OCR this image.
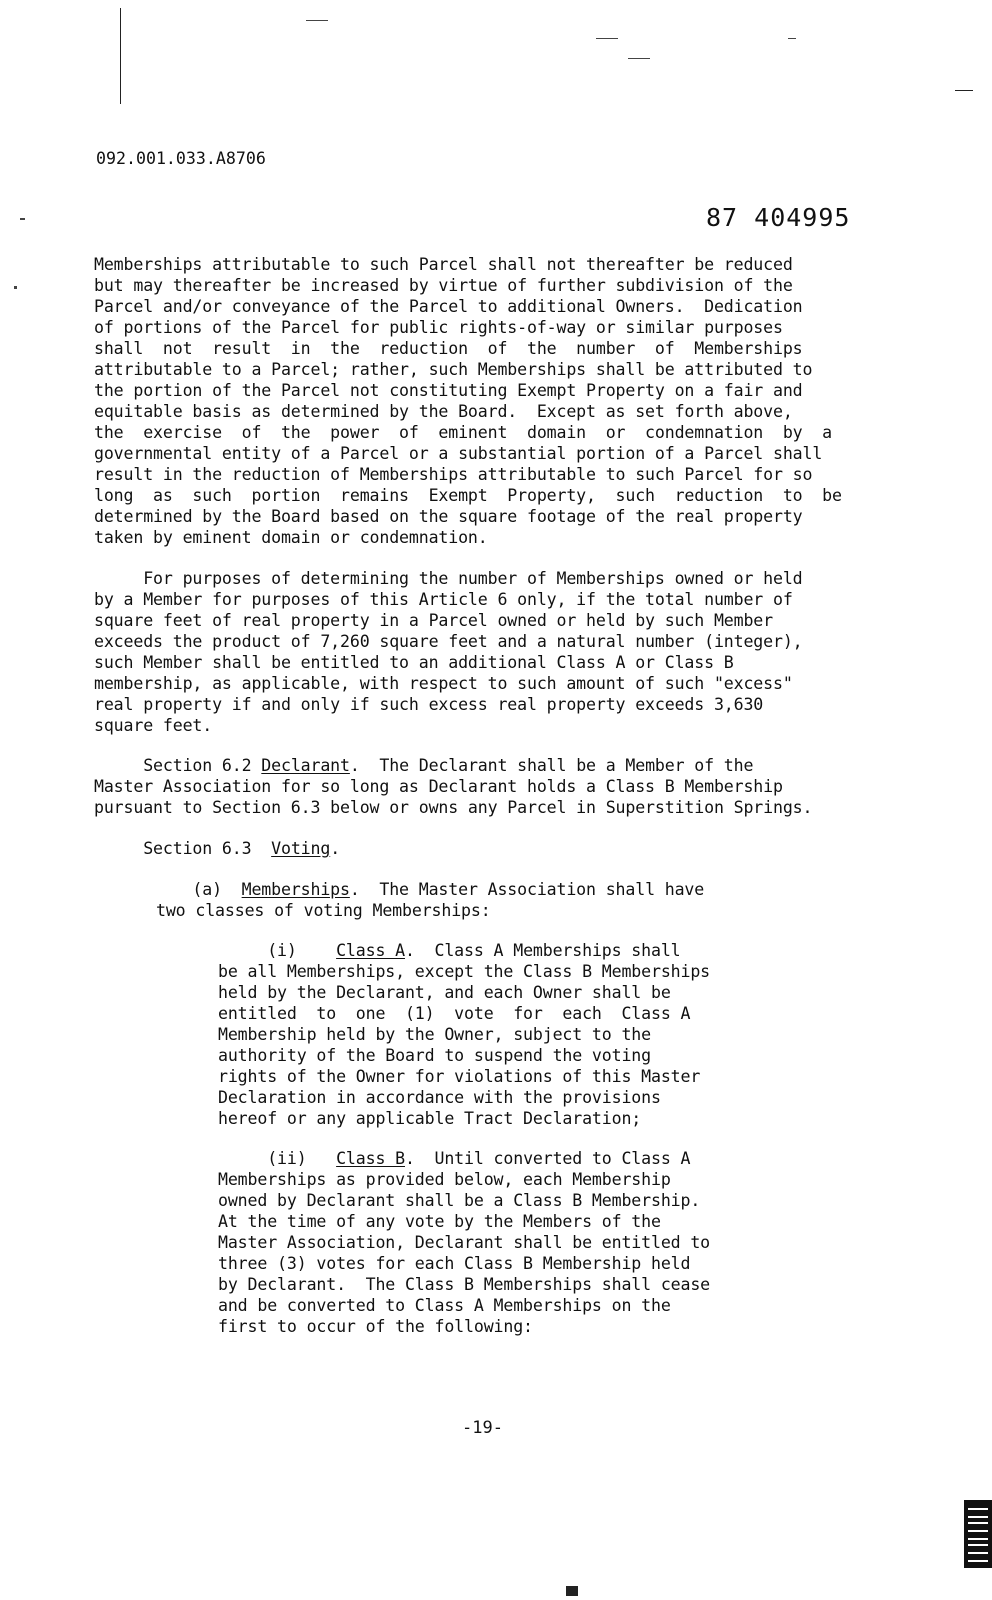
092.001.033.A8706
87 404995
Memberships attributable to such Parcel shall not thereafter be reduced
but may thereafter be increased by virtue of further subdivision of the
Parcel and/or conveyance of the Parcel to additional Owners.  Dedication
of portions of the Parcel for public rights-of-way or similar purposes
shall  not  result  in  the  reduction  of  the  number  of  Memberships
attributable to a Parcel; rather, such Memberships shall be attributed to
the portion of the Parcel not constituting Exempt Property on a fair and
equitable basis as determined by the Board.  Except as set forth above,
the  exercise  of  the  power  of  eminent  domain  or  condemnation  by  a
governmental entity of a Parcel or a substantial portion of a Parcel shall
result in the reduction of Memberships attributable to such Parcel for so
long  as  such  portion  remains  Exempt  Property,  such  reduction  to  be
determined by the Board based on the square footage of the real property
taken by eminent domain or condemnation.
For purposes of determining the number of Memberships owned or held
by a Member for purposes of this Article 6 only, if the total number of
square feet of real property in a Parcel owned or held by such Member
exceeds the product of 7,260 square feet and a natural number (integer),
such Member shall be entitled to an additional Class A or Class B
membership, as applicable, with respect to such amount of such "excess"
real property if and only if such excess real property exceeds 3,630
square feet.
Section 6.2 Declarant.  The Declarant shall be a Member of the
Master Association for so long as Declarant holds a Class B Membership
pursuant to Section 6.3 below or owns any Parcel in Superstition Springs.
Section 6.3  Voting.
(a)  Memberships.  The Master Association shall have
two classes of voting Memberships:
(i)    Class A.  Class A Memberships shall
be all Memberships, except the Class B Memberships
held by the Declarant, and each Owner shall be
entitled  to  one  (1)  vote  for  each  Class A
Membership held by the Owner, subject to the
authority of the Board to suspend the voting
rights of the Owner for violations of this Master
Declaration in accordance with the provisions
hereof or any applicable Tract Declaration;
(ii)   Class B.  Until converted to Class A
Memberships as provided below, each Membership
owned by Declarant shall be a Class B Membership.
At the time of any vote by the Members of the
Master Association, Declarant shall be entitled to
three (3) votes for each Class B Membership held
by Declarant.  The Class B Memberships shall cease
and be converted to Class A Memberships on the
first to occur of the following:
-19-
